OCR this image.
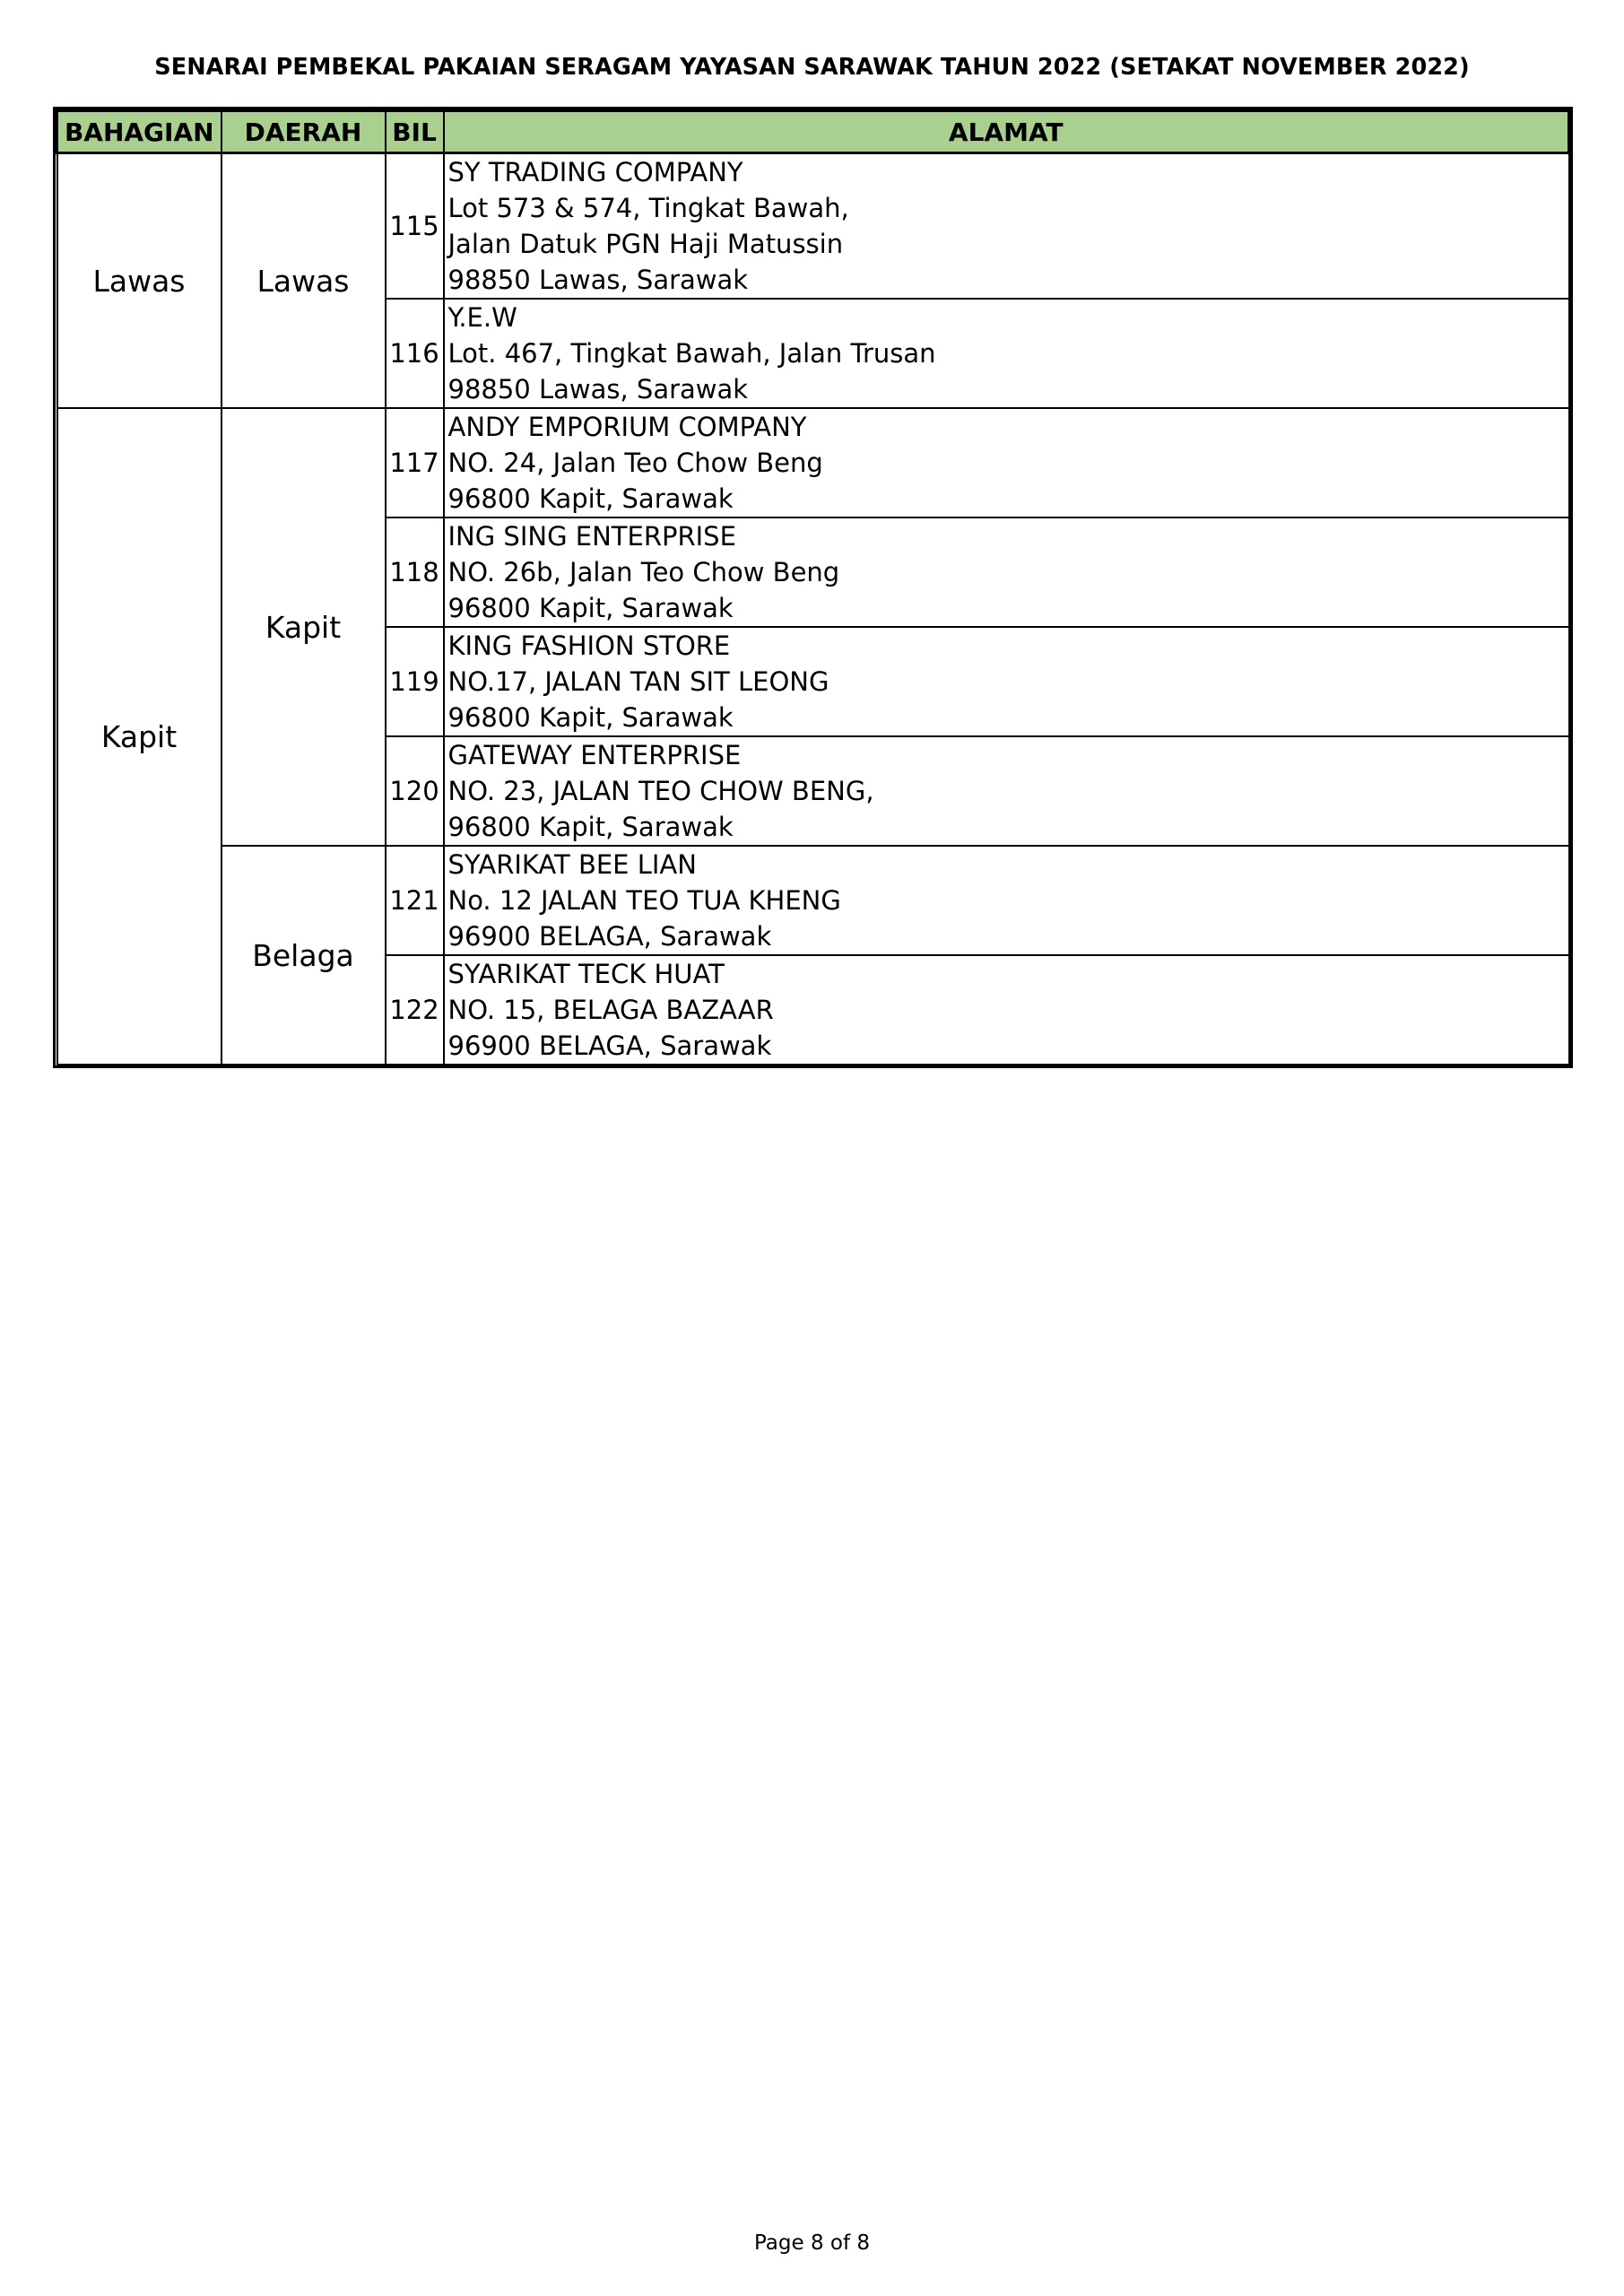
SENARAI PEMBEKAL PAKAIAN SERAGAM YAYASAN SARAWAK TAHUN 2022 (SETAKAT NOVEMBER 2022)
BAHAGIAN	DAERAH	BIL	ALAMAT
Lawas	Lawas	115	SY TRADING COMPANY
Lot 573 & 574, Tingkat Bawah,
Jalan Datuk PGN Haji Matussin
98850 Lawas, Sarawak

		116	Y.E.W
Lot. 467, Tingkat Bawah, Jalan Trusan
98850 Lawas, Sarawak

Kapit	Kapit	117	ANDY EMPORIUM COMPANY
NO. 24, Jalan Teo Chow Beng
96800 Kapit, Sarawak

		118	ING SING ENTERPRISE
NO. 26b, Jalan Teo Chow Beng
96800 Kapit, Sarawak

		119	KING FASHION STORE
NO.17, JALAN TAN SIT LEONG
96800 Kapit, Sarawak

		120	GATEWAY ENTERPRISE
NO. 23, JALAN TEO CHOW BENG,
96800 Kapit, Sarawak

	Belaga	121	SYARIKAT BEE LIAN
No. 12 JALAN TEO TUA KHENG
96900 BELAGA, Sarawak

		122	SYARIKAT TECK HUAT
NO. 15, BELAGA BAZAAR
96900 BELAGA, Sarawak
Page 8 of 8
